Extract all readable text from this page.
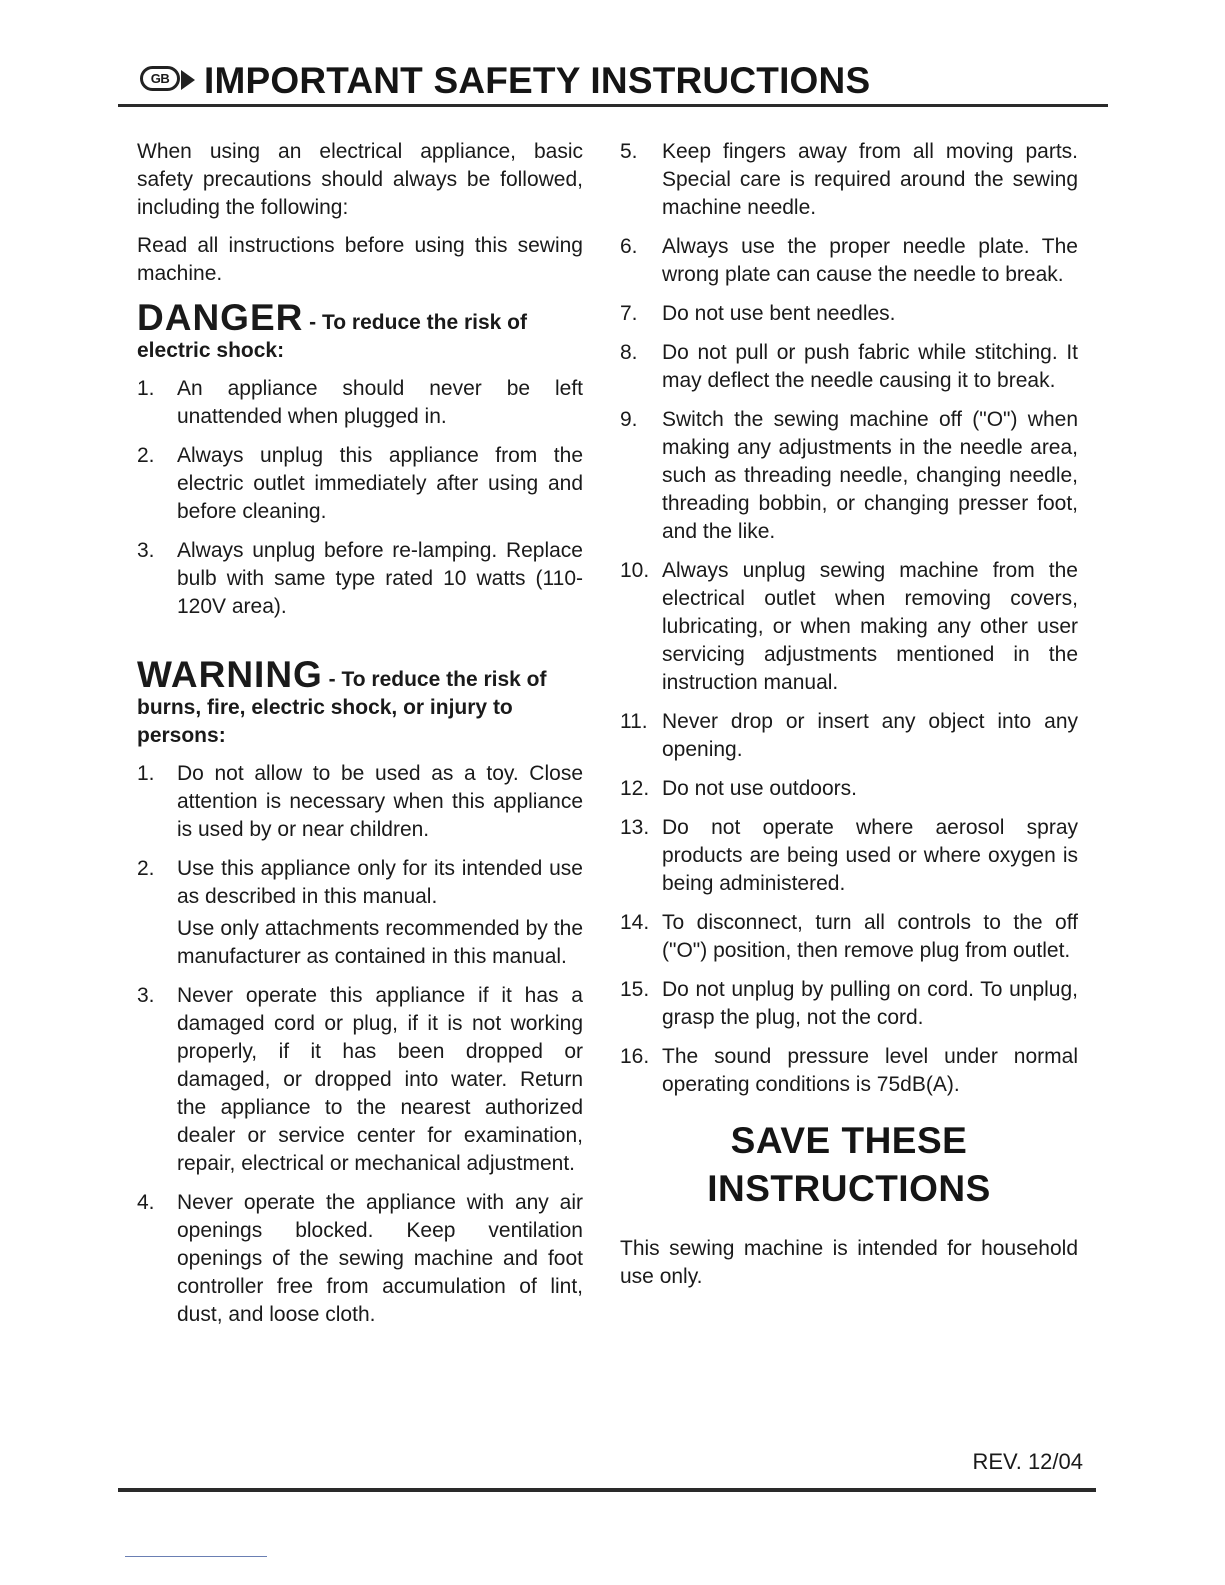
GB IMPORTANT SAFETY INSTRUCTIONS

When using an electrical appliance, basic safety precautions should always be followed, including the following:

Read all instructions before using this sewing machine.

DANGER - To reduce the risk of electric shock:
1.	An appliance should never be left unattended when plugged in.
2.	Always unplug this appliance from the electric outlet immediately after using and before cleaning.
3.	Always unplug before re-lamping. Replace bulb with same type rated 10 watts (110-120V area).
WARNING - To reduce the risk of burns, fire, electric shock, or injury to persons:
1.	Do not allow to be used as a toy. Close attention is necessary when this appliance is used by or near children.
2.	Use this appliance only for its intended use as described in this manual.
Use only attachments recommended by the manufacturer as contained in this manual.
3.	Never operate this appliance if it has a damaged cord or plug, if it is not working properly, if it has been dropped or damaged, or dropped into water. Return the appliance to the nearest authorized dealer or service center for examination, repair, electrical or mechanical adjustment.
4.	Never operate the appliance with any air openings blocked. Keep ventilation openings of the sewing machine and foot controller free from accumulation of lint, dust, and loose cloth.
5.	Keep fingers away from all moving parts. Special care is required around the sewing machine needle.
6.	Always use the proper needle plate. The wrong plate can cause the needle to break.
7.	Do not use bent needles.
8.	Do not pull or push fabric while stitching. It may deflect the needle causing it to break.
9.	Switch the sewing machine off ("O") when making any adjustments in the needle area, such as threading needle, changing needle, threading bobbin, or changing presser foot, and the like.
10. Always unplug sewing machine from the electrical outlet when removing covers, lubricating, or when making any other user servicing adjustments mentioned in the instruction manual.
11. Never drop or insert any object into any opening.
12. Do not use outdoors.
13. Do not operate where aerosol spray products are being used or where oxygen is being administered.
14. To disconnect, turn all controls to the off ("O") position, then remove plug from outlet.
15. Do not unplug by pulling on cord. To unplug, grasp the plug, not the cord.
16. The sound pressure level under normal operating conditions is 75dB(A).
SAVE THESE
INSTRUCTIONS

This sewing machine is intended for household use only.

REV. 12/04
